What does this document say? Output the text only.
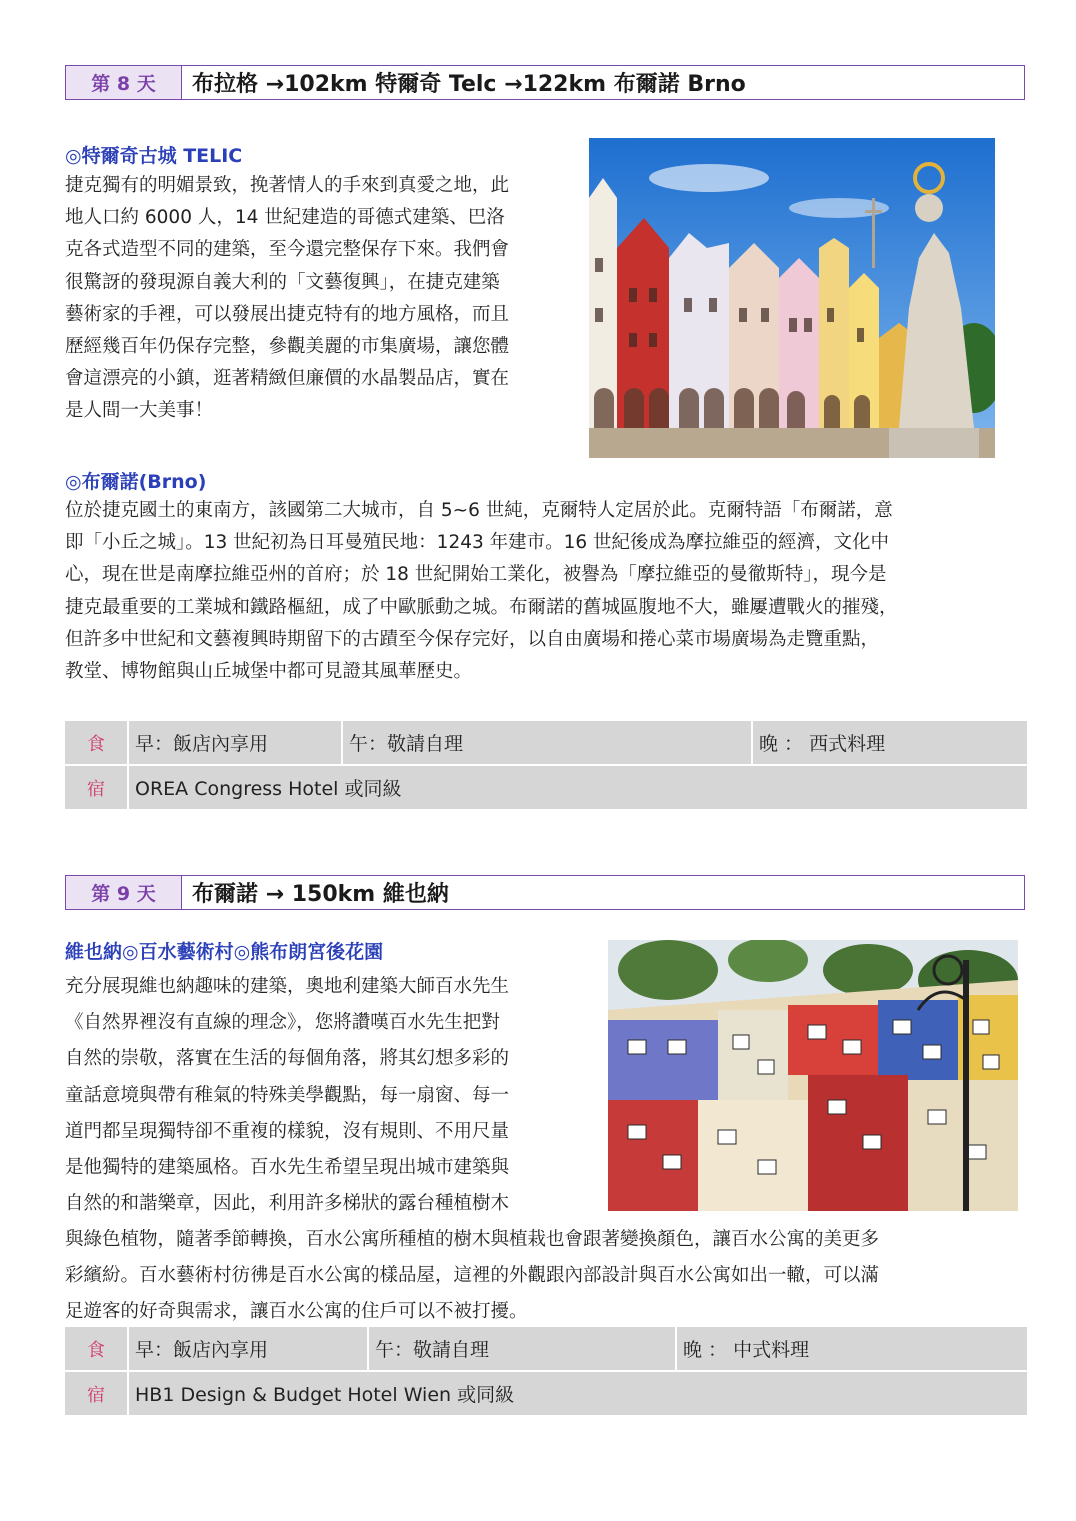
第 8 天	布拉格 →102km 特爾奇 Telc →122km 布爾諾 Brno
◎特爾奇古城 TELIC
捷克獨有的明媚景致，挽著情人的手來到真愛之地，此
地人口約 6000 人，14 世紀建造的哥德式建築、巴洛
克各式造型不同的建築，至今還完整保存下來。我們會
很驚訝的發現源自義大利的「文藝復興」，在捷克建築
藝術家的手裡，可以發展出捷克特有的地方風格，而且
歷經幾百年仍保存完整，參觀美麗的市集廣場，讓您體
會這漂亮的小鎮，逛著精緻但廉價的水晶製品店，實在
是人間一大美事！
◎布爾諾(Brno)
位於捷克國土的東南方，該國第二大城市，自 5~6 世純，克爾特人定居於此。克爾特語「布爾諾，意
即「小丘之城」。13 世紀初為日耳曼殖民地：1243 年建市。16 世紀後成為摩拉維亞的經濟，文化中
心，現在世是南摩拉維亞州的首府；於 18 世紀開始工業化，被譽為「摩拉維亞的曼徹斯特」，現今是
捷克最重要的工業城和鐵路樞紐，成了中歐脈動之城。布爾諾的舊城區腹地不大，雖屢遭戰火的摧殘，
但許多中世紀和文藝複興時期留下的古蹟至今保存完好，以自由廣場和捲心菜市場廣場為走覽重點，
教堂、博物館與山丘城堡中都可見證其風華歷史。
食	早：飯店內享用	午：敬請自理	晚 ： 西式料理
宿	OREA Congress Hotel 或同級
第 9 天	布爾諾 → 150km 維也納
維也納◎百水藝術村◎熊布朗宮後花園
充分展現維也納趣味的建築，奧地利建築大師百水先生
《自然界裡沒有直線的理念》，您將讚嘆百水先生把對
自然的崇敬，落實在生活的每個角落，將其幻想多彩的
童話意境與帶有稚氣的特殊美學觀點，每一扇窗、每一
道門都呈現獨特卻不重複的樣貌，沒有規則、不用尺量
是他獨特的建築風格。百水先生希望呈現出城市建築與
自然的和諧樂章，因此，利用許多梯狀的露台種植樹木
與綠色植物，隨著季節轉換，百水公寓所種植的樹木與植栽也會跟著變換顏色，讓百水公寓的美更多
彩繽紛。百水藝術村彷彿是百水公寓的樣品屋，這裡的外觀跟內部設計與百水公寓如出一轍，可以滿
足遊客的好奇與需求，讓百水公寓的住戶可以不被打擾。
食	早：飯店內享用	午：敬請自理	晚 ： 中式料理
宿	HB1 Design & Budget Hotel Wien 或同級
